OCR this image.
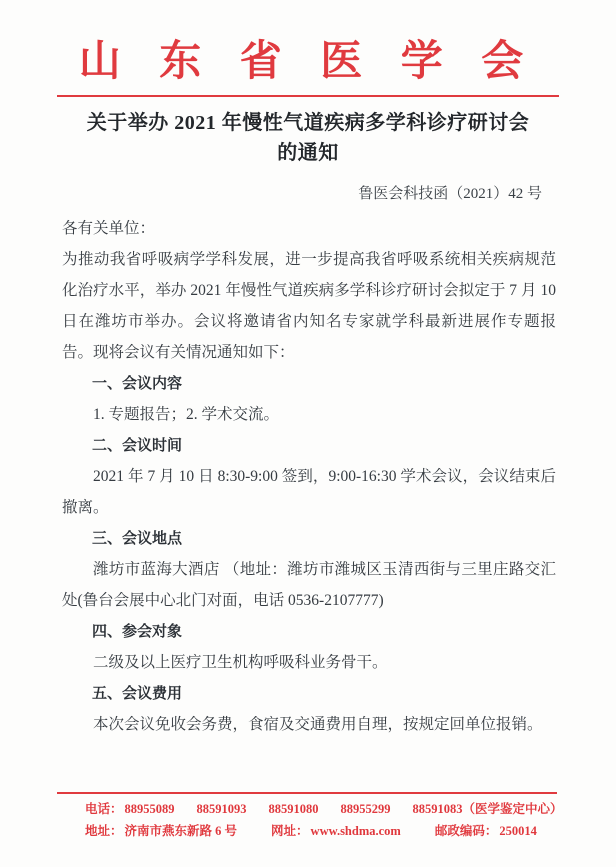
山 东 省 医 学 会
关于举办 2021 年慢性气道疾病多学科诊疗研讨会
的通知
鲁医会科技函（2021）42 号

各有关单位：

为推动我省呼吸病学学科发展，进一步提高我省呼吸系统相关疾病规范化治疗水平，举办 2021 年慢性气道疾病多学科诊疗研讨会拟定于 7 月 10 日在潍坊市举办。会议将邀请省内知名专家就学科最新进展作专题报告。现将会议有关情况通知如下：

一、会议内容

1. 专题报告；2. 学术交流。

二、会议时间

2021 年 7 月 10 日 8:30-9:00 签到，9:00-16:30 学术会议，会议结束后撤离。

三、会议地点

潍坊市蓝海大酒店 （地址：潍坊市潍城区玉清西街与三里庄路交汇处(鲁台会展中心北门对面，电话 0536-2107777)

四、参会对象

二级及以上医疗卫生机构呼吸科业务骨干。

五、会议费用

本次会议免收会务费，食宿及交通费用自理，按规定回单位报销。

电话： 88955089 88591093 88591080 88955299 88591083（医学鉴定中心）
地址： 济南市燕东新路 6 号	网址： www.shdma.com	邮政编码： 250014
